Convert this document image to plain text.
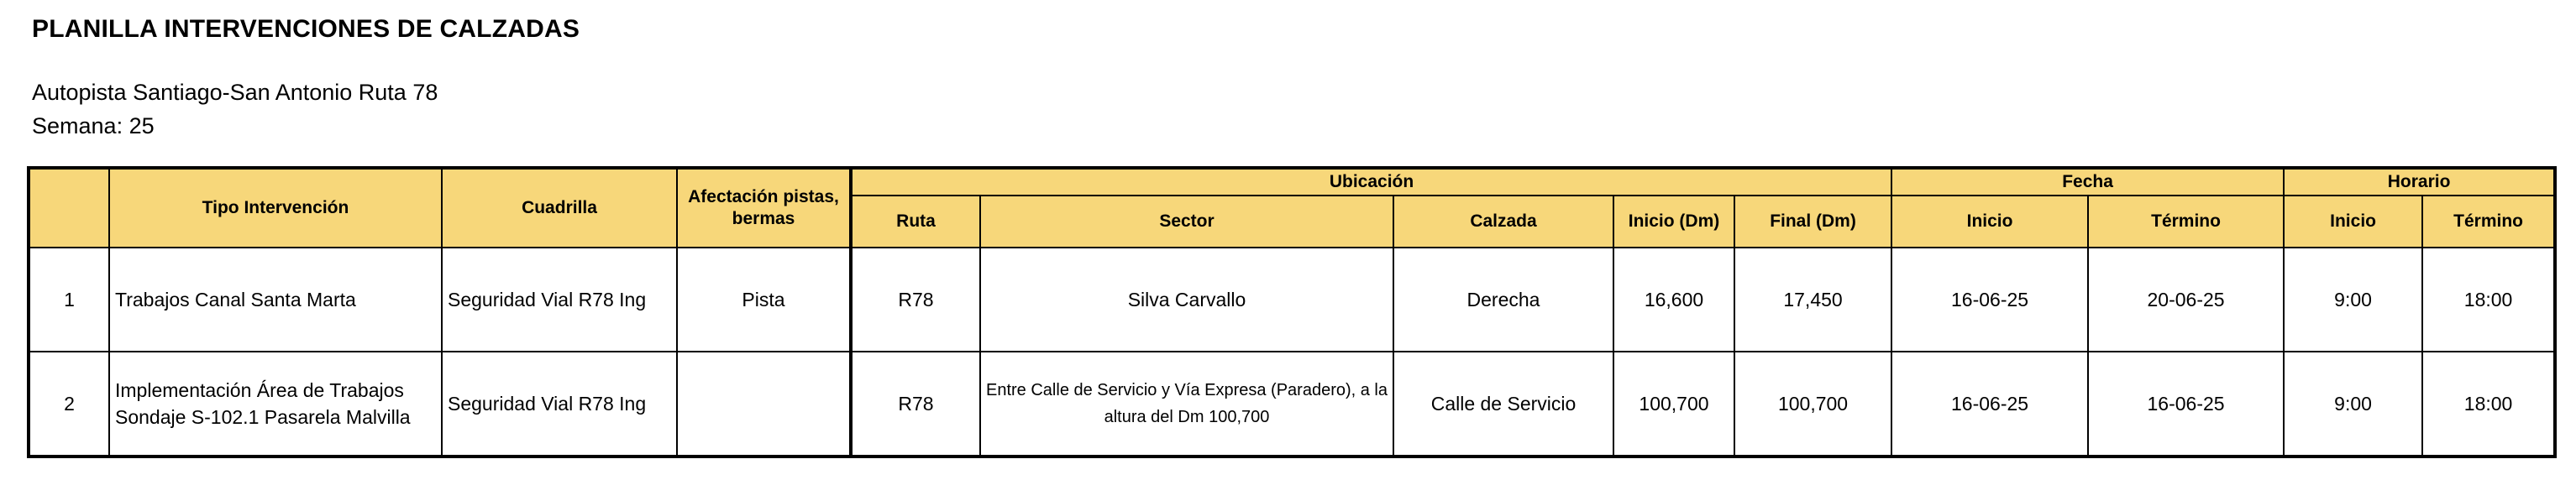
PLANILLA INTERVENCIONES DE CALZADAS
Autopista Santiago-San Antonio Ruta 78
Semana: 25
	Tipo Intervención	Cuadrilla	Afectación pistas, bermas	Ubicación					Fecha		Horario	
				Ruta	Sector	Calzada	Inicio (Dm)	Final (Dm)	Inicio	Término	Inicio	Término
1	Trabajos Canal Santa Marta	Seguridad Vial R78 Ing	Pista	R78	Silva Carvallo	Derecha	16,600	17,450	16-06-25	20-06-25	9:00	18:00
2	Implementación Área de Trabajos Sondaje S-102.1 Pasarela Malvilla	Seguridad Vial R78 Ing		R78	Entre Calle de Servicio y Vía Expresa (Paradero), a la altura del Dm 100,700	Calle de Servicio	100,700	100,700	16-06-25	16-06-25	9:00	18:00
